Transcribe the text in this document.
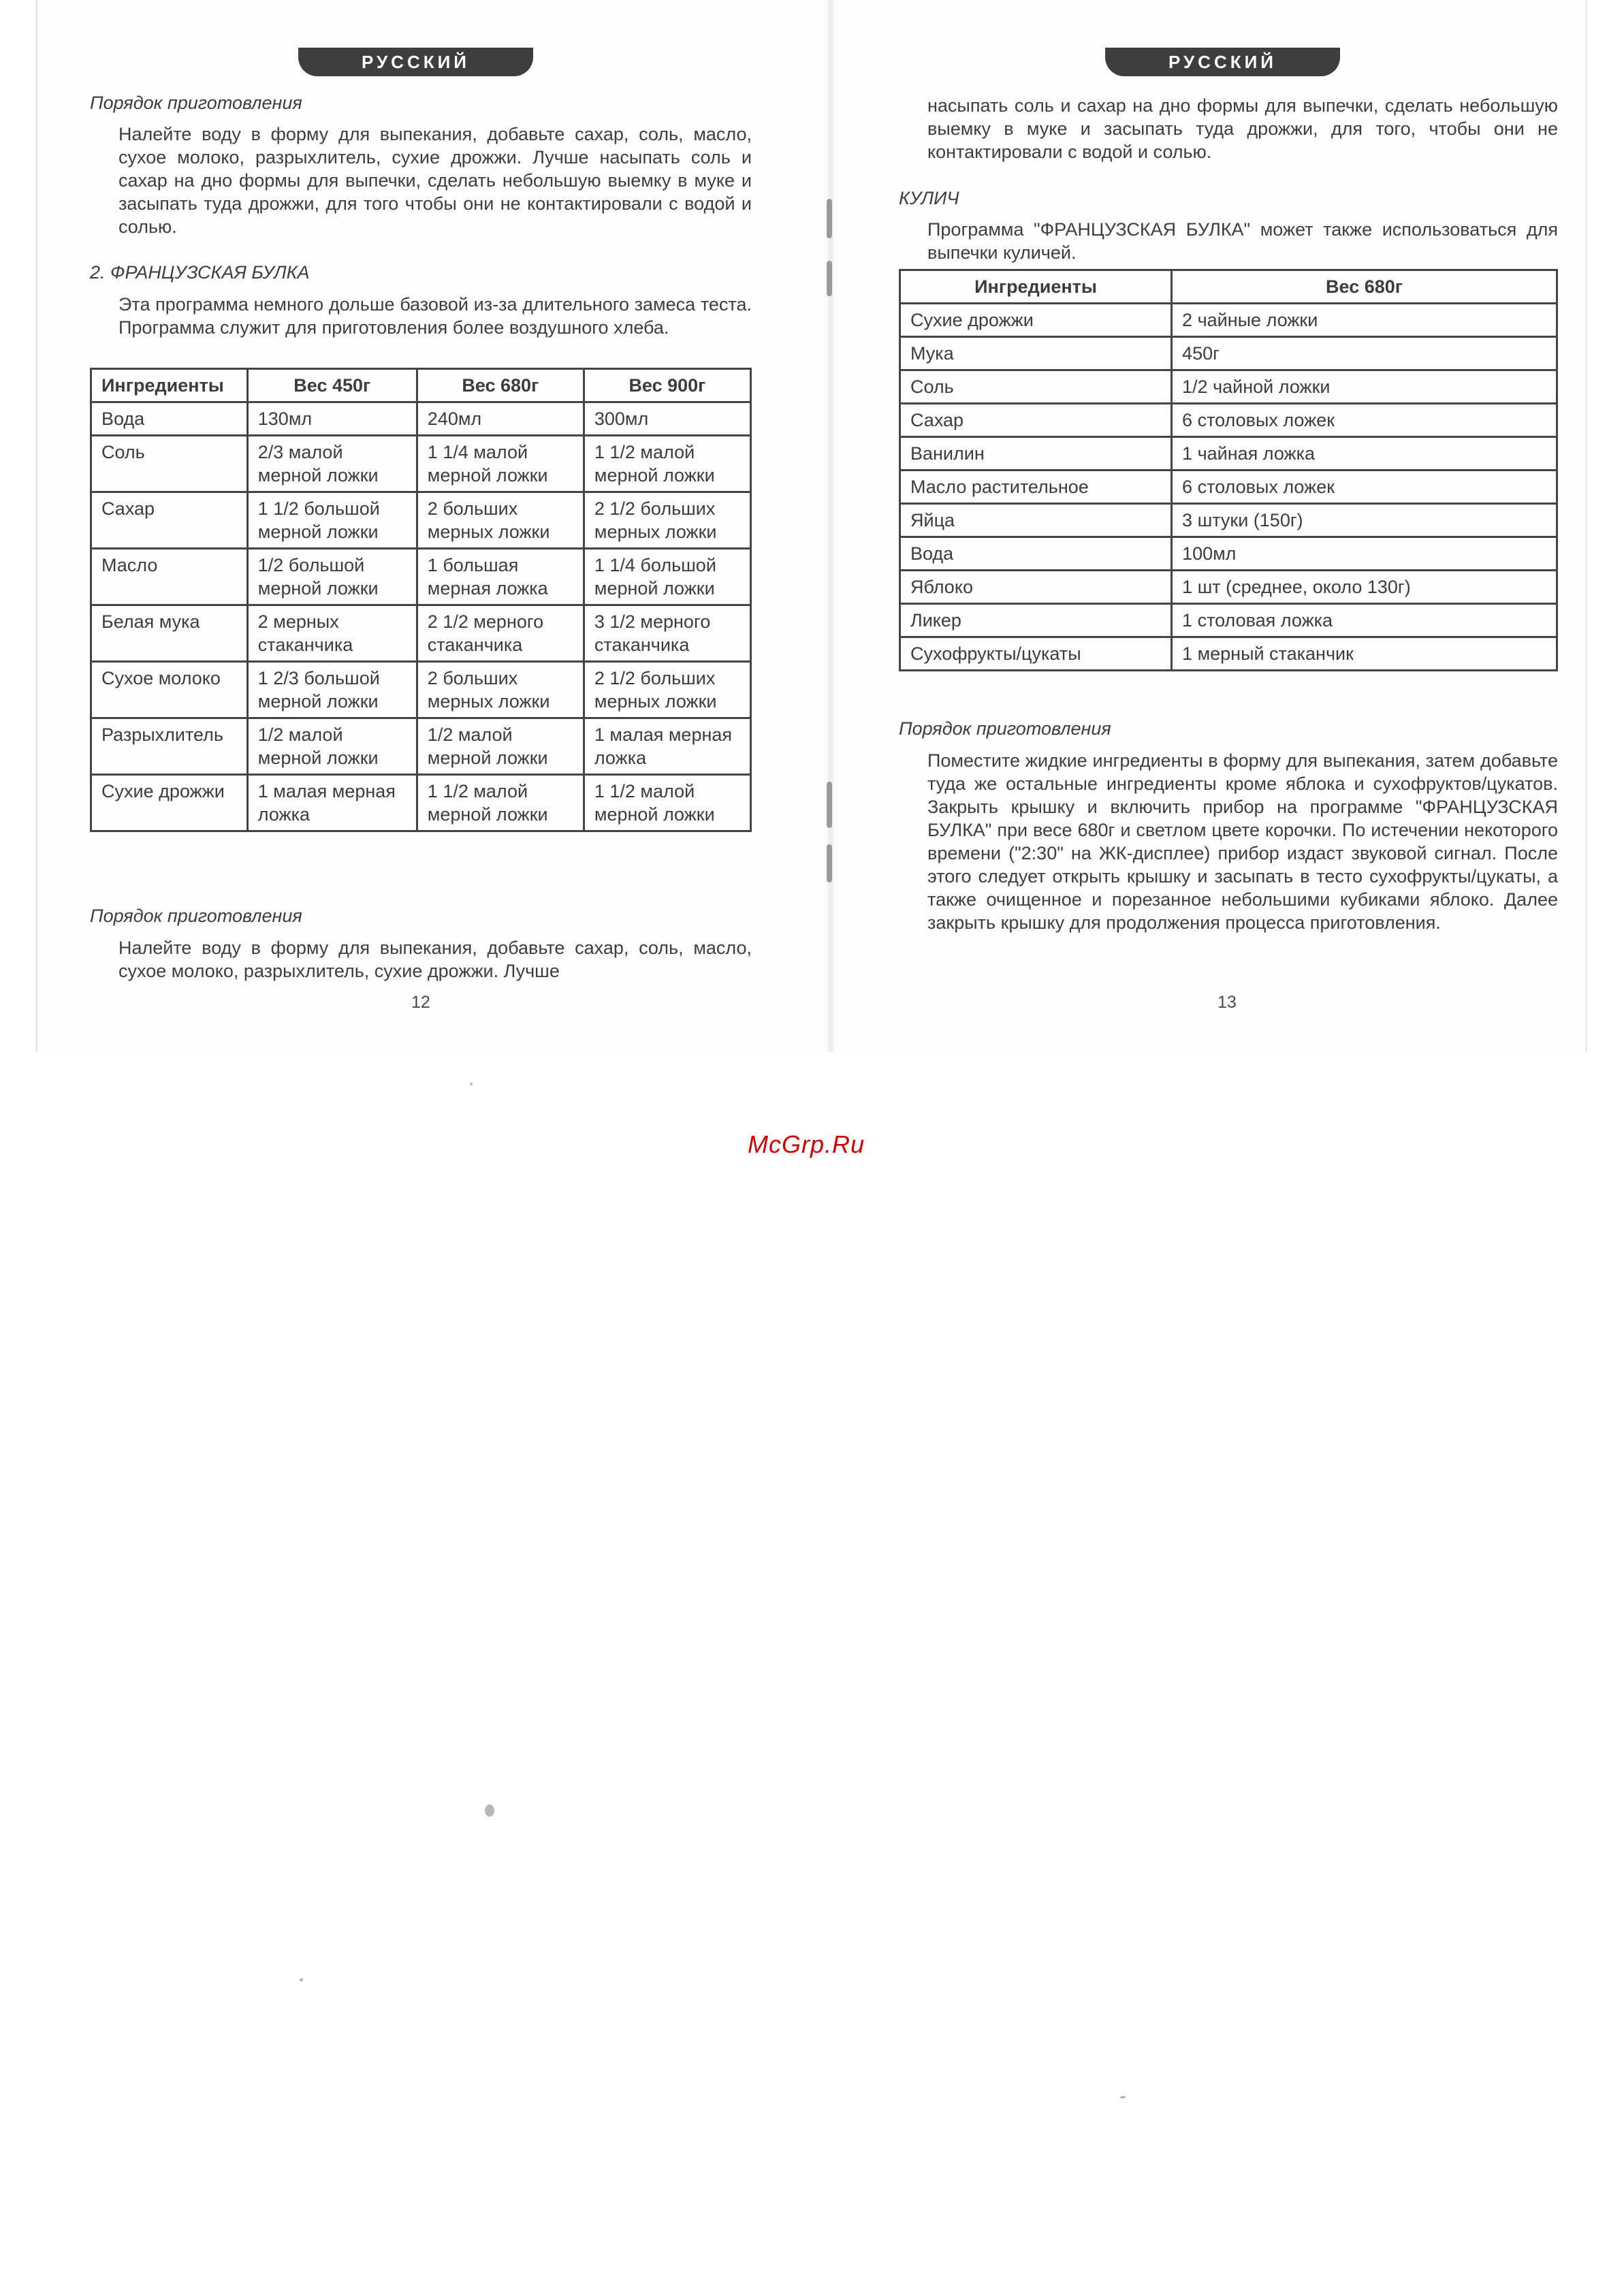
РУССКИЙ
Порядок приготовления
Налейте воду в форму для выпекания, добавьте сахар, соль, масло, сухое молоко, разрыхлитель, сухие дрожжи. Лучше насыпать соль и сахар на дно формы для выпечки, сделать небольшую выемку в муке и засыпать туда дрожжи, для того чтобы они не контактировали с водой и солью.
2. ФРАНЦУЗСКАЯ БУЛКА
Эта программа немного дольше базовой из-за длительного замеса теста. Программа служит для приготовления более воздушного хлеба.
Ингредиенты	Вес 450г	Вес 680г	Вес 900г
Вода	130мл	240мл	300мл
Соль	2/3 малой мерной ложки	1 1/4 малой мерной ложки	1 1/2 малой мерной ложки
Сахар	1 1/2 большой мерной ложки	2 больших мерных ложки	2 1/2 больших мерных ложки
Масло	1/2 большой мерной ложки	1 большая мерная ложка	1 1/4 большой мерной ложки
Белая мука	2 мерных стаканчика	2 1/2 мерного стаканчика	3 1/2 мерного стаканчика
Сухое молоко	1 2/3 большой мерной ложки	2 больших мерных ложки	2 1/2 больших мерных ложки
Разрыхлитель	1/2 малой мерной ложки	1/2 малой мерной ложки	1 малая мерная ложка
Сухие дрожжи	1 малая мерная ложка	1 1/2 малой мерной ложки	1 1/2 малой мерной ложки
Порядок приготовления
Налейте воду в форму для выпекания, добавьте сахар, соль, масло, сухое молоко, разрыхлитель, сухие дрожжи. Лучше
12
РУССКИЙ
насыпать соль и сахар на дно формы для выпечки, сделать небольшую выемку в муке и засыпать туда дрожжи, для того, чтобы они не контактировали с водой и солью.
КУЛИЧ
Программа "ФРАНЦУЗСКАЯ БУЛКА" может также использоваться для выпечки куличей.
Ингредиенты	Вес 680г
Сухие дрожжи	2 чайные ложки
Мука	450г
Соль	1/2 чайной ложки
Сахар	6 столовых ложек
Ванилин	1 чайная ложка
Масло растительное	6 столовых ложек
Яйца	3 штуки (150г)
Вода	100мл
Яблоко	1 шт (среднее, около 130г)
Ликер	1 столовая ложка
Сухофрукты/цукаты	1 мерный стаканчик
Порядок приготовления
Поместите жидкие ингредиенты в форму для выпекания, затем добавьте туда же остальные ингредиенты кроме яблока и сухофруктов/цукатов. Закрыть крышку и включить прибор на программе "ФРАНЦУЗСКАЯ БУЛКА" при весе 680г и светлом цвете корочки. По истечении некоторого времени ("2:30" на ЖК-дисплее) прибор издаст звуковой сигнал. После этого следует открыть крышку и засыпать в тесто сухофрукты/цукаты, а также очищенное и порезанное небольшими кубиками яблоко. Далее закрыть крышку для продолжения процесса приготовления.
13
McGrp.Ru
